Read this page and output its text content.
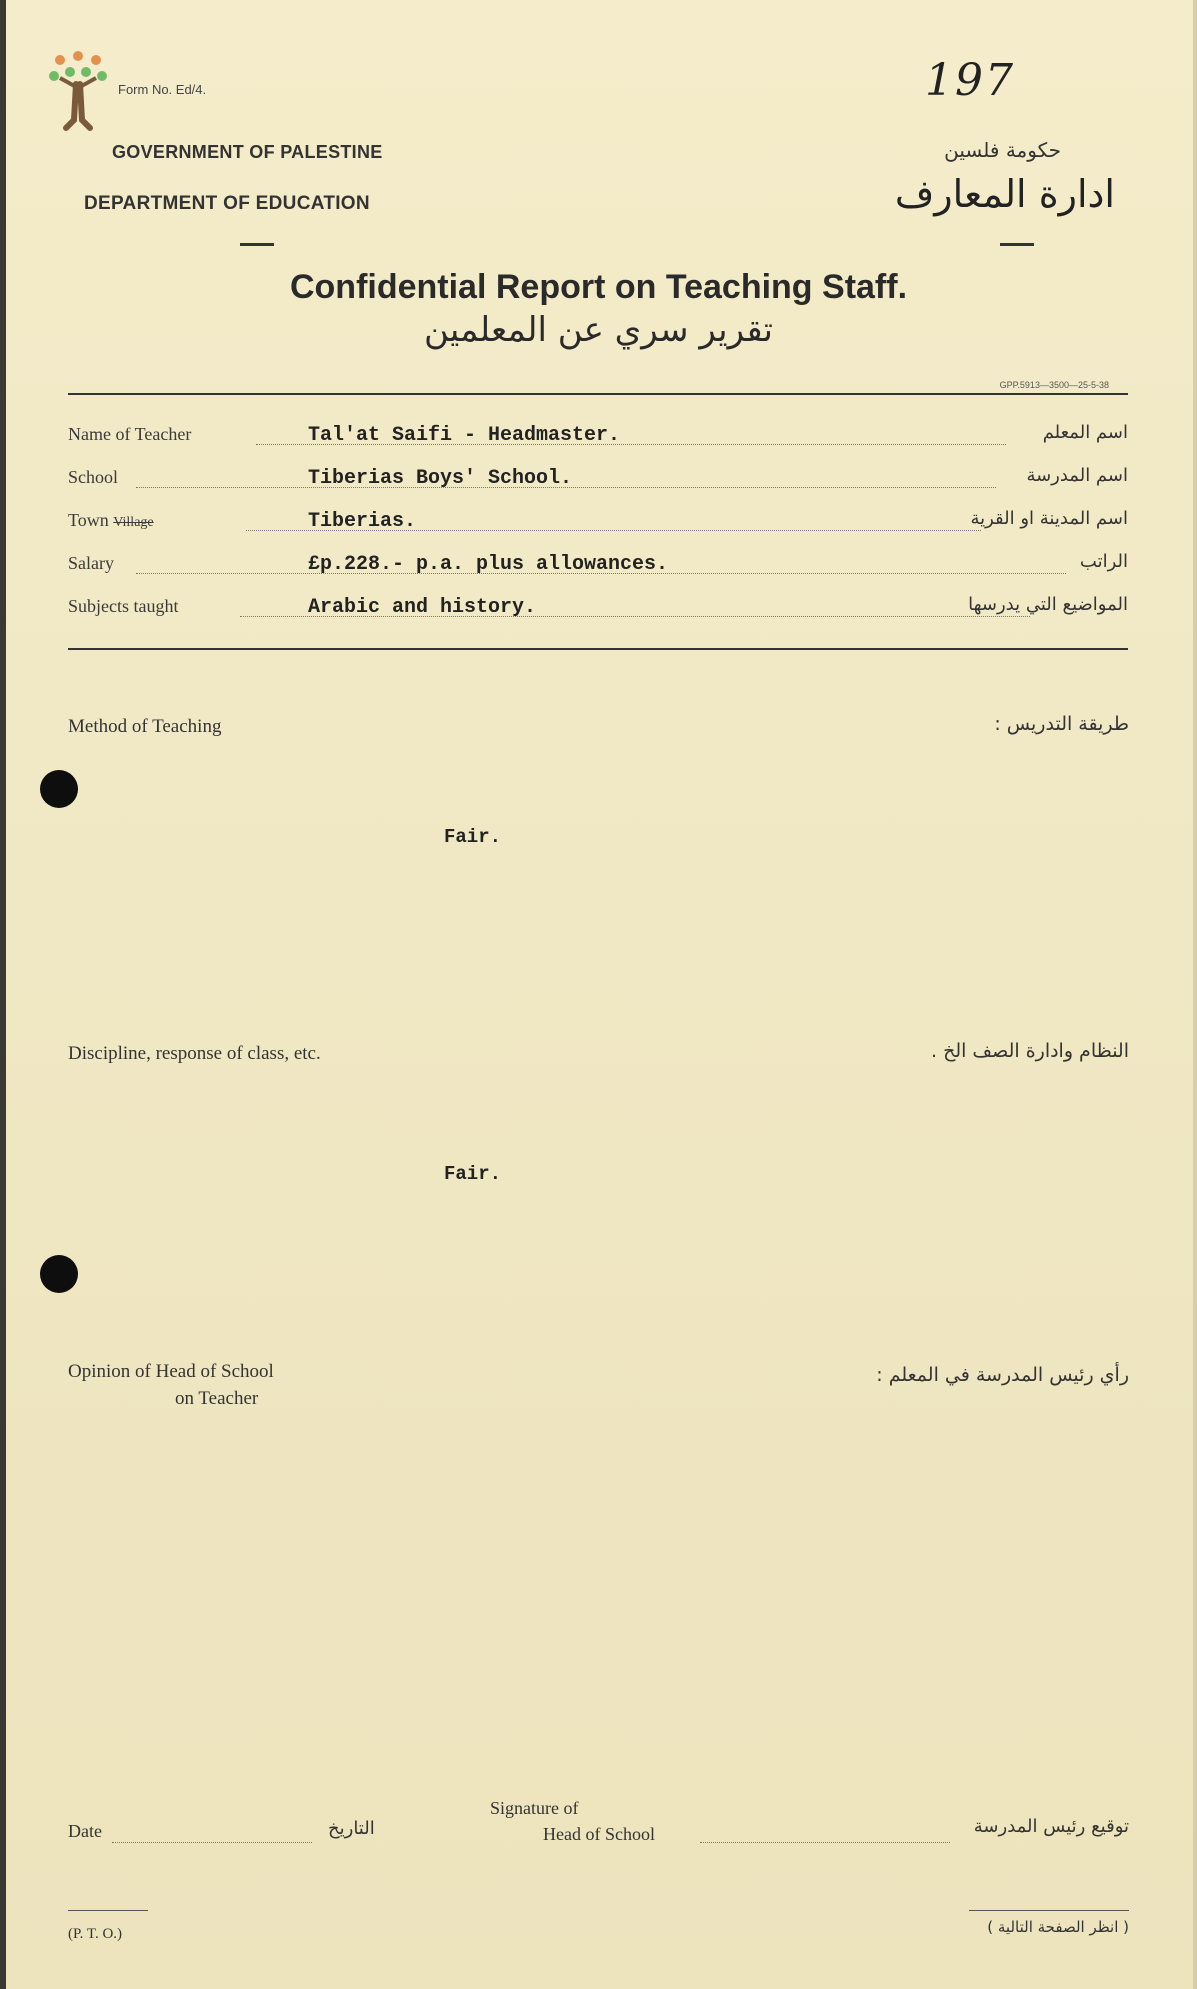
Form No. Ed/4.	197
GOVERNMENT OF PALESTINE
DEPARTMENT OF EDUCATION
حكومة فلسين
ادارة المعارف
Confidential Report on Teaching Staff.
تقرير سري عن المعلمين
GPP.5913—3500—25-5-38
Name of Teacher	Tal'at Saifi - Headmaster.	اسم المعلم
School	Tiberias Boys' School.	اسم المدرسة
Town Village	Tiberias.	اسم المدينة او القرية
Salary	£p.228.- p.a. plus allowances.	الراتب
Subjects taught	Arabic and history.	المواضيع التي يدرسها
Method of Teaching	طريقة التدريس :
Fair.
Discipline, response of class, etc.	النظام وادارة الصف الخ .
Fair.
Opinion of Head of School
on Teacher
رأي رئيس المدرسة في المعلم :
Date	التاريخ
Signature of
Head of School	توقيع رئيس المدرسة
(P. T. O.)	( انظر الصفحة التالية )
